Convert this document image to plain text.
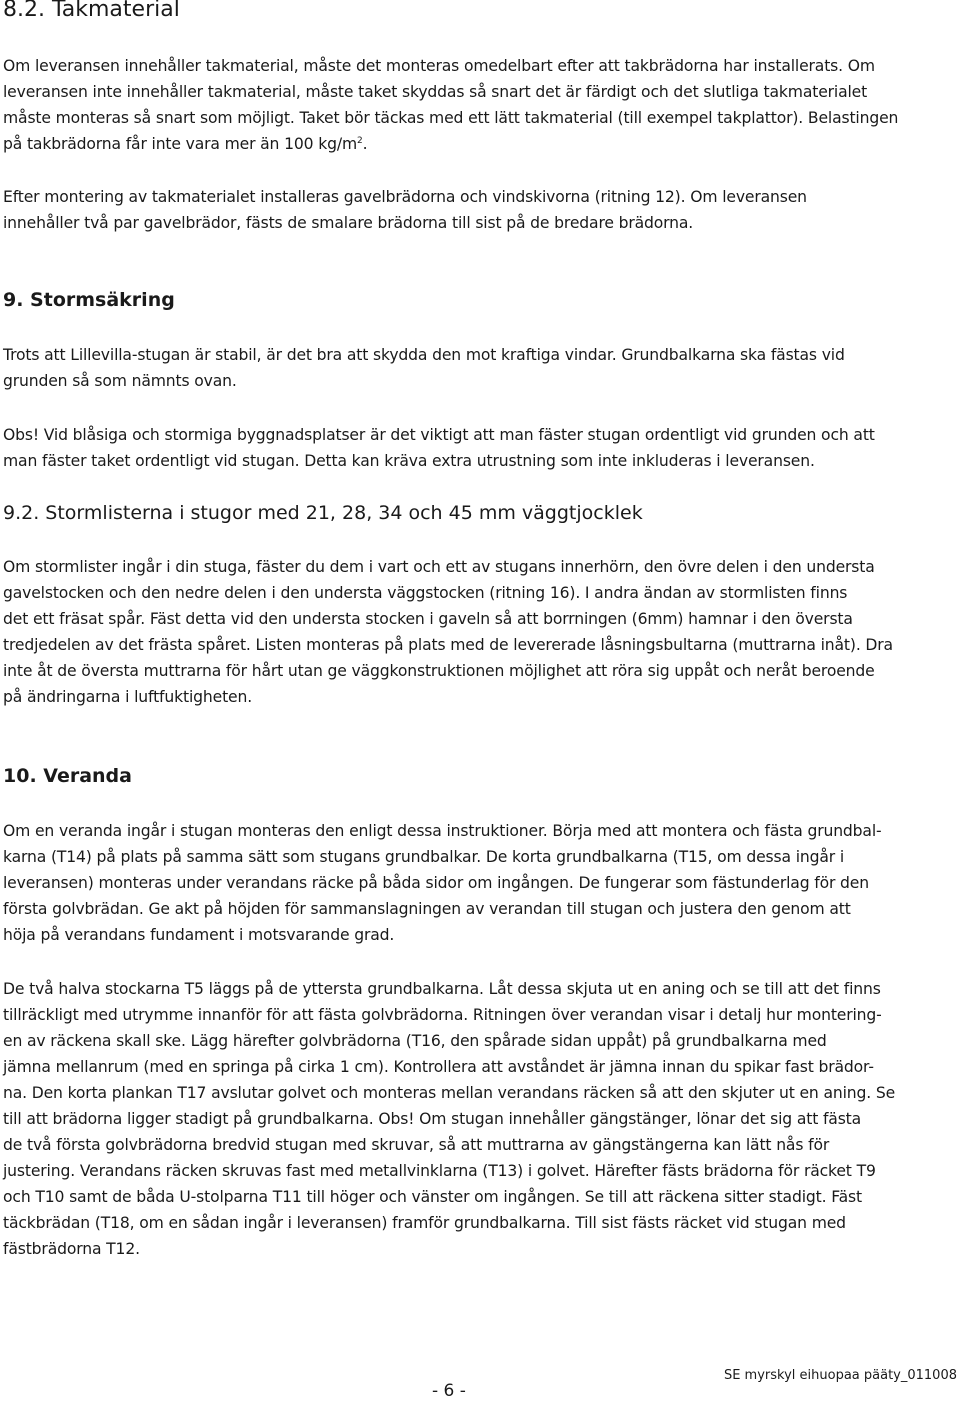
8.2. Takmaterial
Om leveransen innehåller takmaterial, måste det monteras omedelbart efter att takbrädorna har installerats. Om
leveransen inte innehåller takmaterial, måste taket skyddas så snart det är färdigt och det slutliga takmaterialet
måste monteras så snart som möjligt. Taket bör täckas med ett lätt takmaterial (till exempel takplattor). Belastingen
på takbrädorna får inte vara mer än 100 $kg/m^2$.
Efter montering av takmaterialet installeras gavelbrädorna och vindskivorna (ritning 12). Om leveransen
innehåller två par gavelbrädor, fästs de smalare brädorna till sist på de bredare brädorna.
9. Stormsäkring
Trots att Lillevilla-stugan är stabil, är det bra att skydda den mot kraftiga vindar. Grundbalkarna ska fästas vid
grunden så som nämnts ovan.
Obs! Vid blåsiga och stormiga byggnadsplatser är det viktigt att man fäster stugan ordentligt vid grunden och att
man fäster taket ordentligt vid stugan. Detta kan kräva extra utrustning som inte inkluderas i leveransen.
9.2. Stormlisterna i stugor med 21, 28, 34 och 45 mm väggtjocklek
Om stormlister ingår i din stuga, fäster du dem i vart och ett av stugans innerhörn, den övre delen i den understa
gavelstocken och den nedre delen i den understa väggstocken (ritning 16). I andra ändan av stormlisten finns
det ett fräsat spår. Fäst detta vid den understa stocken i gaveln så att borrningen (6mm) hamnar i den översta
tredjedelen av det frästa spåret. Listen monteras på plats med de levererade låsningsbultarna (muttrarna inåt). Dra
inte åt de översta muttrarna för hårt utan ge väggkonstruktionen möjlighet att röra sig uppåt och neråt beroende
på ändringarna i luftfuktigheten.
10. Veranda
Om en veranda ingår i stugan monteras den enligt dessa instruktioner. Börja med att montera och fästa grundbal-
karna (T14) på plats på samma sätt som stugans grundbalkar. De korta grundbalkarna (T15, om dessa ingår i
leveransen) monteras under verandans räcke på båda sidor om ingången. De fungerar som fästunderlag för den
första golvbrädan. Ge akt på höjden för sammanslagningen av verandan till stugan och justera den genom att
höja på verandans fundament i motsvarande grad.
De två halva stockarna T5 läggs på de yttersta grundbalkarna. Låt dessa skjuta ut en aning och se till att det finns
tillräckligt med utrymme innanför för att fästa golvbrädorna. Ritningen över verandan visar i detalj hur montering-
en av räckena skall ske. Lägg härefter golvbrädorna (T16, den spårade sidan uppåt) på grundbalkarna med
jämna mellanrum (med en springa på cirka 1 cm). Kontrollera att avståndet är jämna innan du spikar fast brädor-
na. Den korta plankan T17 avslutar golvet och monteras mellan verandans räcken så att den skjuter ut en aning. Se
till att brädorna ligger stadigt på grundbalkarna. Obs! Om stugan innehåller gängstänger, lönar det sig att fästa
de två första golvbrädorna bredvid stugan med skruvar, så att muttrarna av gängstängerna kan lätt nås för
justering. Verandans räcken skruvas fast med metallvinklarna (T13) i golvet. Härefter fästs brädorna för räcket T9
och T10 samt de båda U-stolparna T11 till höger och vänster om ingången. Se till att räckena sitter stadigt. Fäst
täckbrädan (T18, om en sådan ingår i leveransen) framför grundbalkarna. Till sist fästs räcket vid stugan med
fästbrädorna T12.
- 6 -
SE myrskyl eihuopaa pääty_011008
